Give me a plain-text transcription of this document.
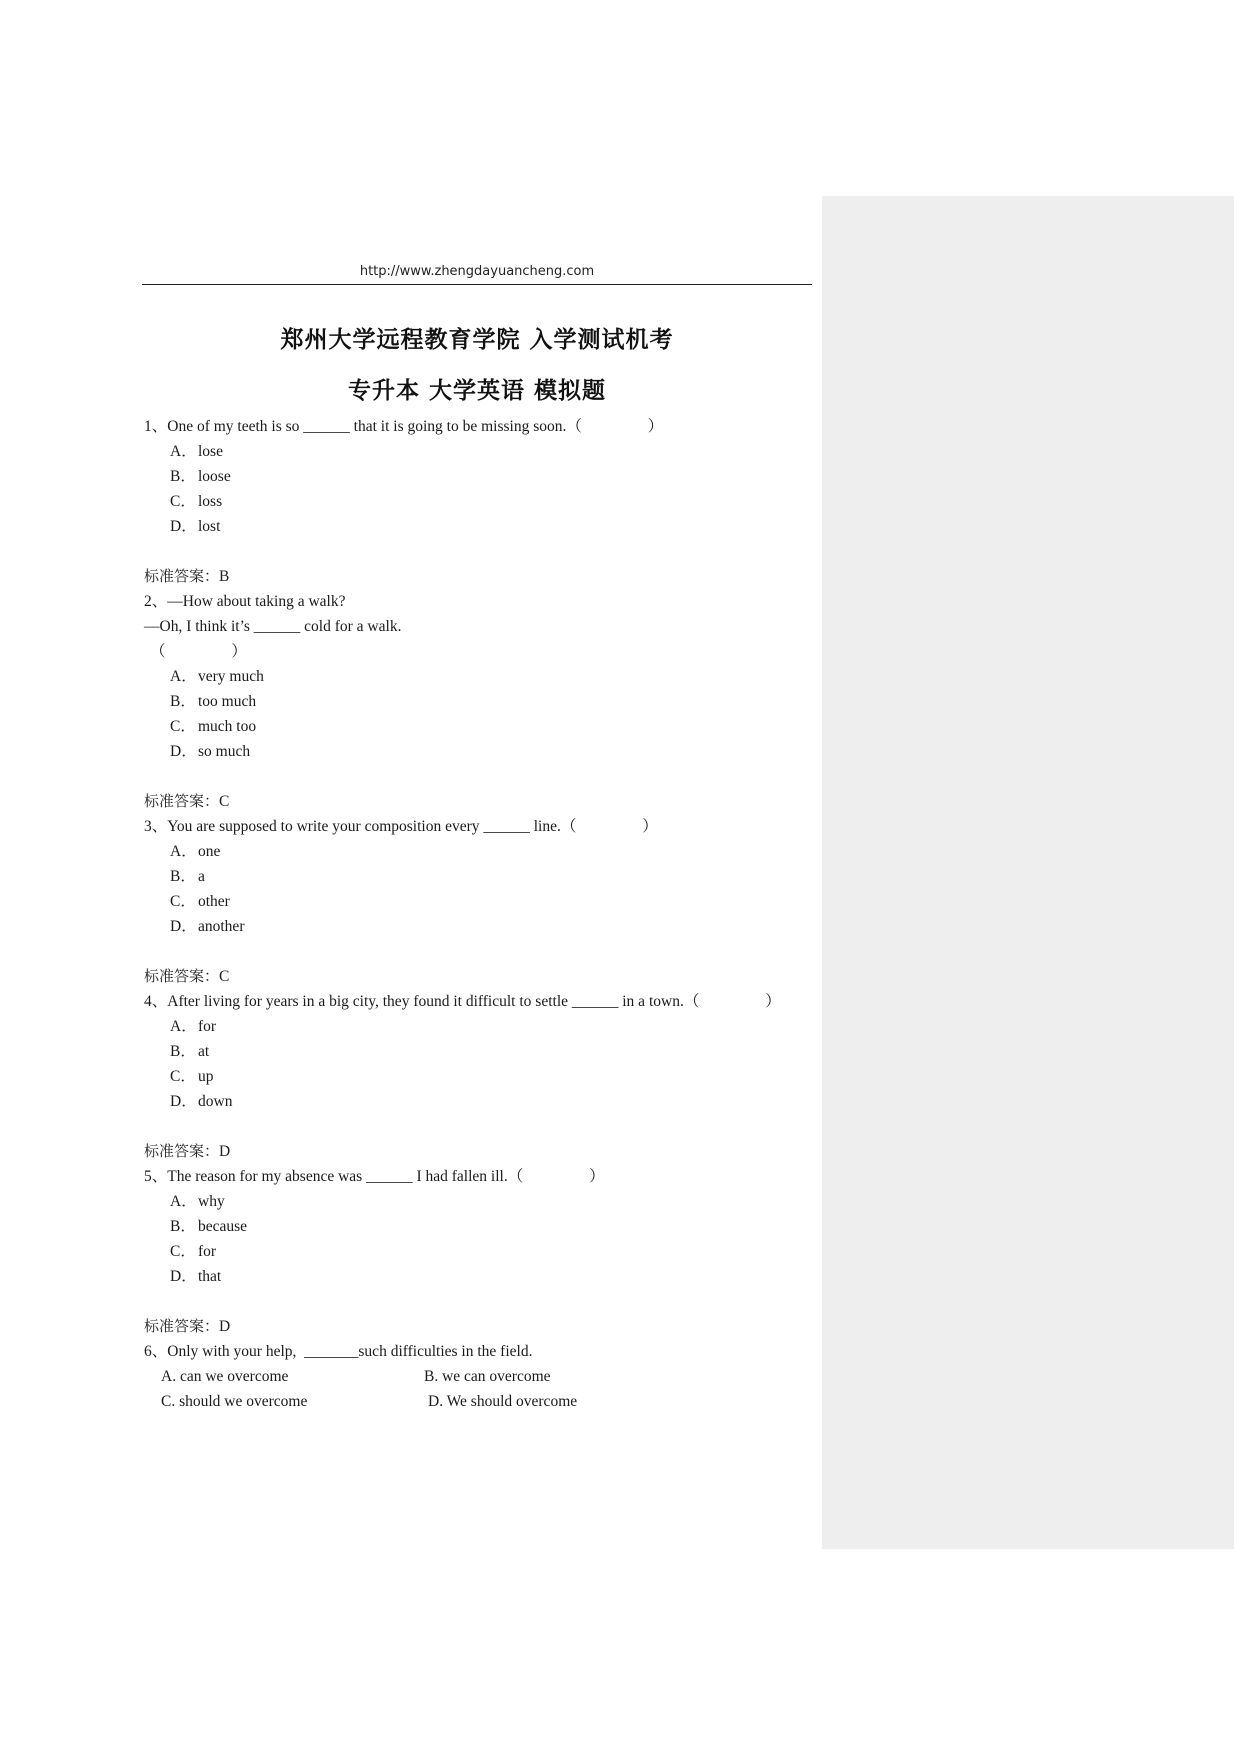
http://www.zhengdayuancheng.com
郑州大学远程教育学院 入学测试机考
专升本 大学英语 模拟题
1、One of my teeth is so ______ that it is going to be missing soon.（                 ）
A．lose
B． loose
C． loss
D．lost
标准答案：B
2、—How about taking a walk?
—Oh, I think it’s ______ cold for a walk.
（                 ）
A．very much
B． too much
C． much too
D．so much
标准答案：C
3、You are supposed to write your composition every ______ line.（                 ）
A．one
B． a
C． other
D．another
标准答案：C
4、After living for years in a big city, they found it difficult to settle ______ in a town.（                 ）
A．for
B． at
C． up
D．down
标准答案：D
5、The reason for my absence was ______ I had fallen ill.（                 ）
A．why
B． because
C． for
D．that
标准答案：D
6、Only with your help,  _______such difficulties in the field.
A. can we overcome	B. we can overcome
C. should we overcome	D. We should overcome
